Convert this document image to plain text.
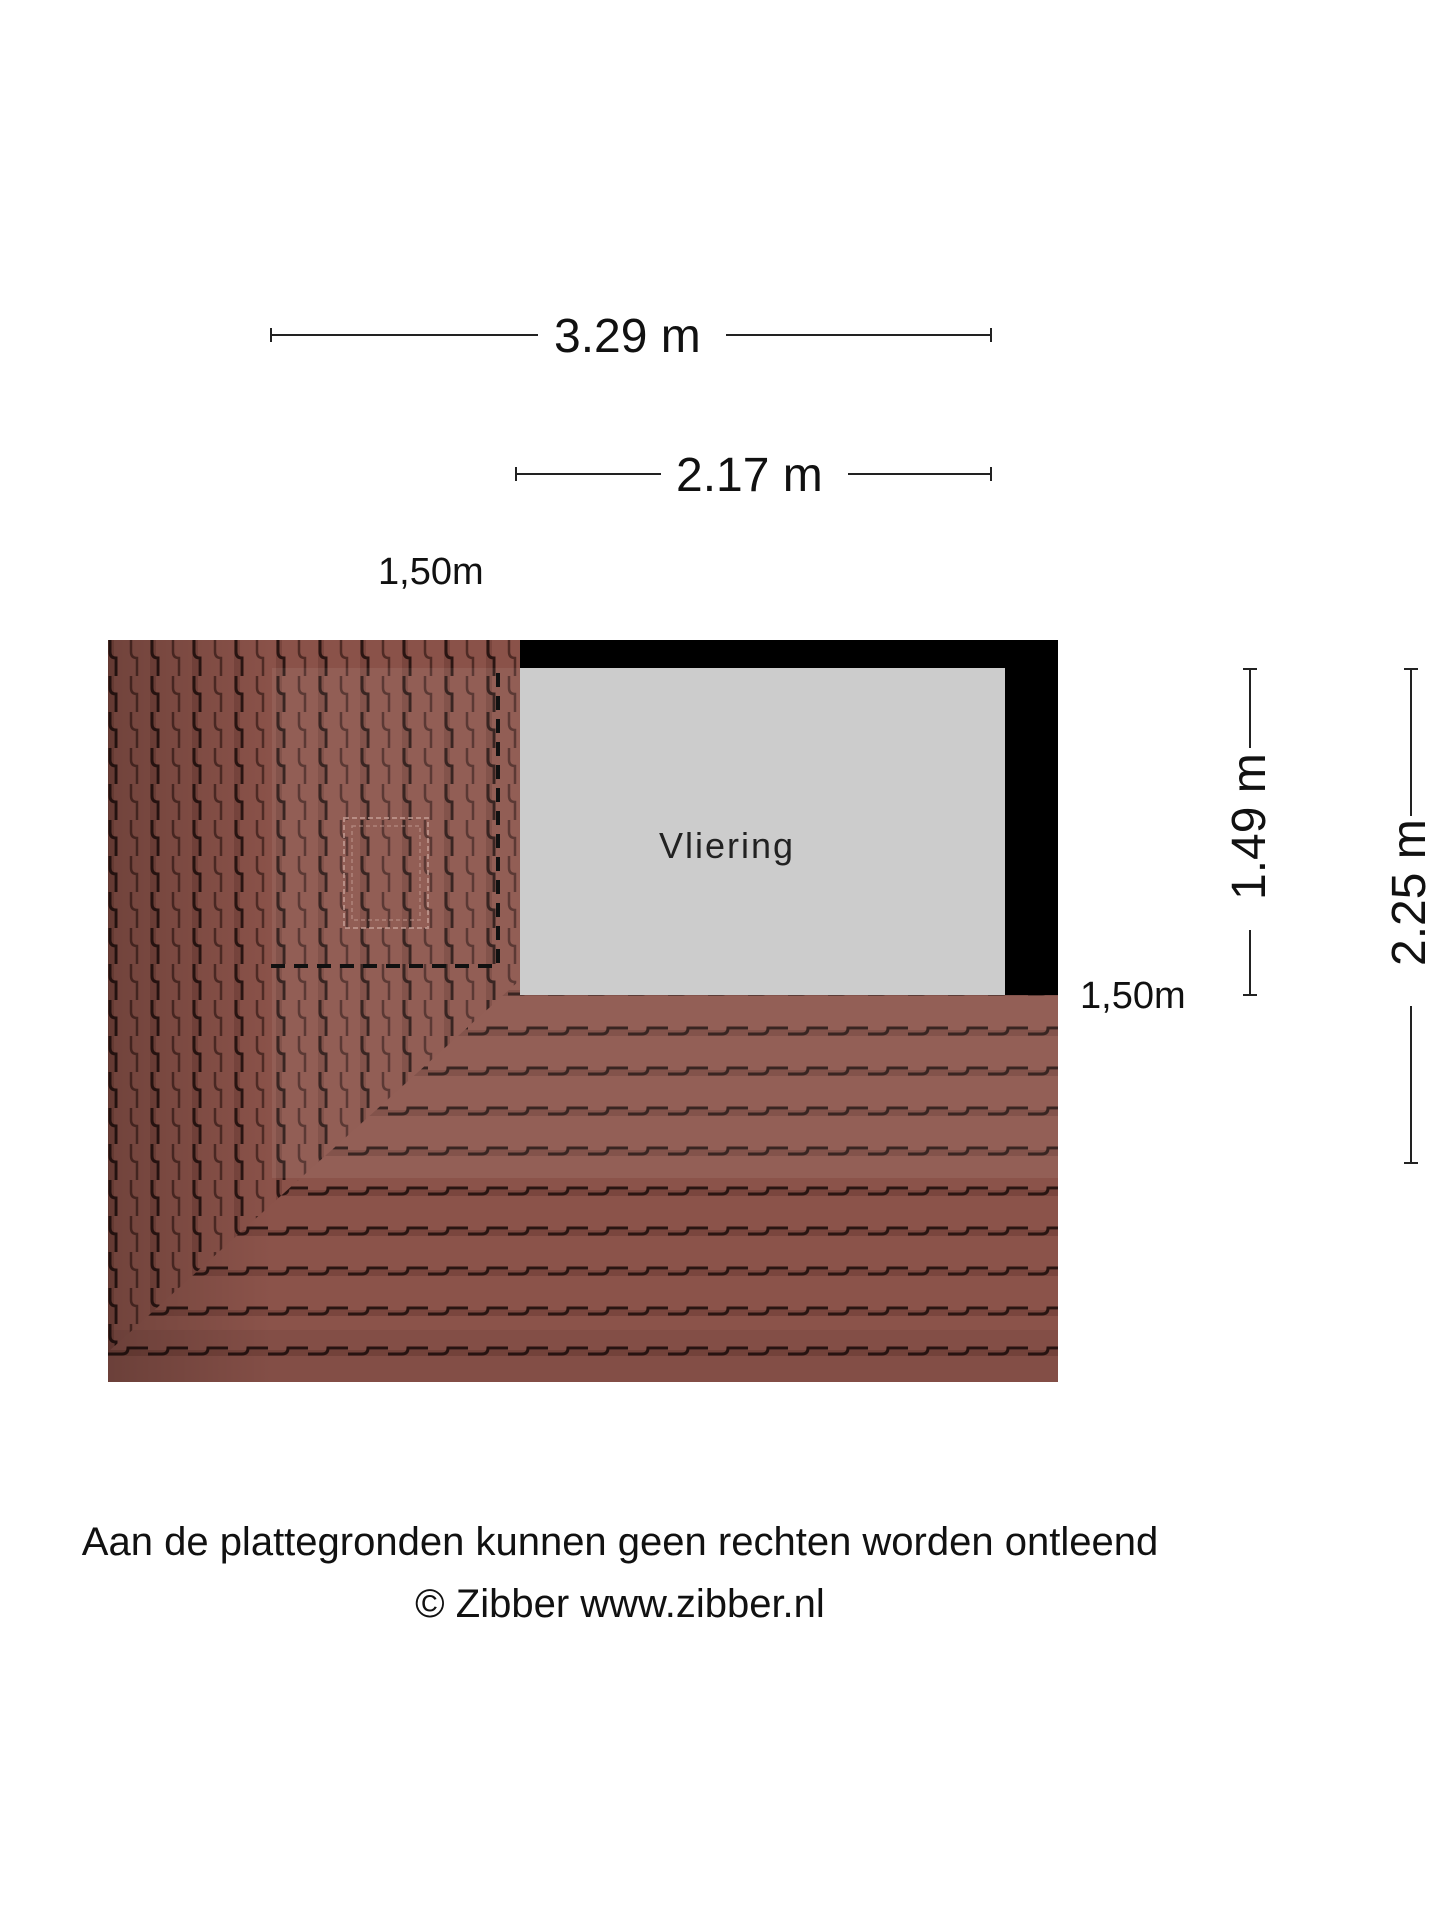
3.29 m
2.17 m
1,50m
1,50m
1.49 m 2.25 m
Vliering
Aan de plattegronden kunnen geen rechten worden ontleend
© Zibber www.zibber.nl
